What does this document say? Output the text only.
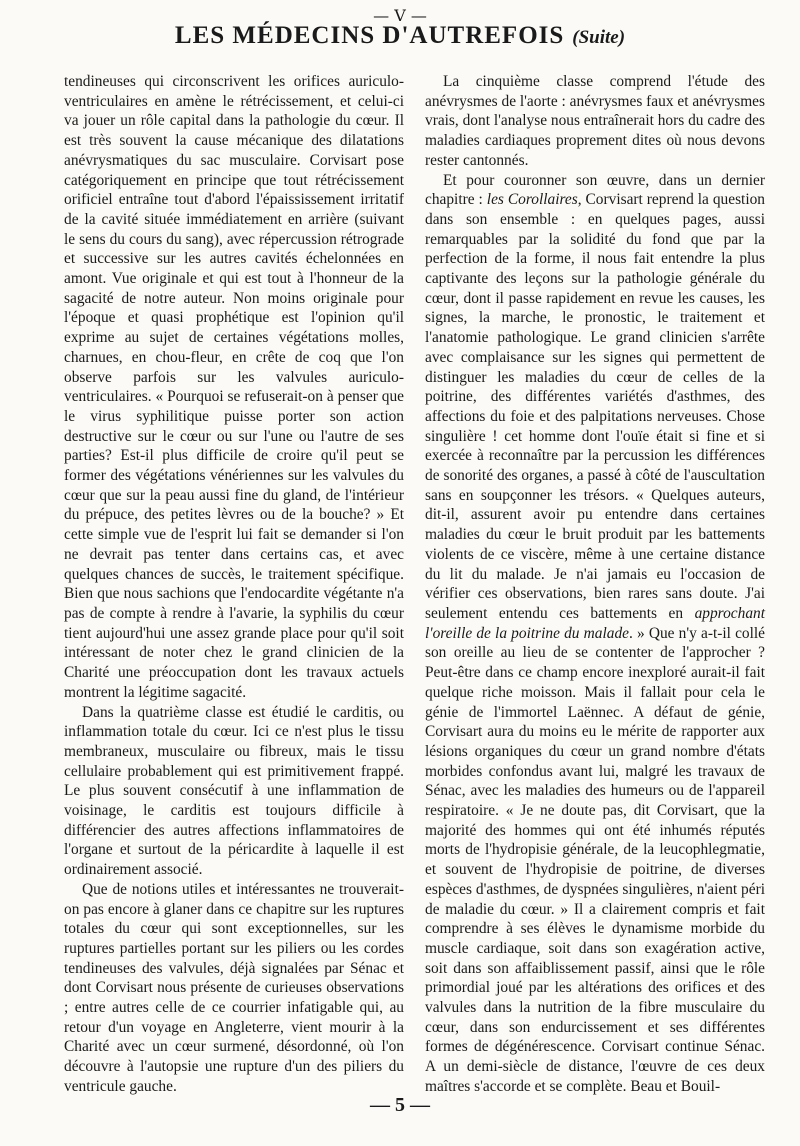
— V —
LES MÉDECINS D'AUTREFOIS (Suite)

tendineuses qui circonscrivent les orifices auriculo-ventriculaires en amène le rétrécissement, et celui-ci va jouer un rôle capital dans la pathologie du cœur. Il est très souvent la cause mécanique des dilatations anévrysmatiques du sac musculaire. Corvisart pose catégoriquement en principe que tout rétrécissement orificiel entraîne tout d'abord l'épaississement irritatif de la cavité située immédiatement en arrière (suivant le sens du cours du sang), avec répercussion rétrograde et successive sur les autres cavités échelonnées en amont. Vue originale et qui est tout à l'honneur de la sagacité de notre auteur. Non moins originale pour l'époque et quasi prophétique est l'opinion qu'il exprime au sujet de certaines végétations molles, charnues, en chou-fleur, en crête de coq que l'on observe parfois sur les valvules auriculo-ventriculaires. « Pourquoi se refuserait-on à penser que le virus syphilitique puisse porter son action destructive sur le cœur ou sur l'une ou l'autre de ses parties? Est-il plus difficile de croire qu'il peut se former des végétations vénériennes sur les valvules du cœur que sur la peau aussi fine du gland, de l'intérieur du prépuce, des petites lèvres ou de la bouche? » Et cette simple vue de l'esprit lui fait se demander si l'on ne devrait pas tenter dans certains cas, et avec quelques chances de succès, le traitement spécifique. Bien que nous sachions que l'endocardite végétante n'a pas de compte à rendre à l'avarie, la syphilis du cœur tient aujourd'hui une assez grande place pour qu'il soit intéressant de noter chez le grand clinicien de la Charité une préoccupation dont les travaux actuels montrent la légitime sagacité.

Dans la quatrième classe est étudié le carditis, ou inflammation totale du cœur. Ici ce n'est plus le tissu membraneux, musculaire ou fibreux, mais le tissu cellulaire probablement qui est primitivement frappé. Le plus souvent consécutif à une inflammation de voisinage, le carditis est toujours difficile à différencier des autres affections inflammatoires de l'organe et surtout de la péricardite à laquelle il est ordinairement associé.

Que de notions utiles et intéressantes ne trouverait-on pas encore à glaner dans ce chapitre sur les ruptures totales du cœur qui sont exceptionnelles, sur les ruptures partielles portant sur les piliers ou les cordes tendineuses des valvules, déjà signalées par Sénac et dont Corvisart nous présente de curieuses observations ; entre autres celle de ce courrier infatigable qui, au retour d'un voyage en Angleterre, vient mourir à la Charité avec un cœur surmené, désordonné, où l'on découvre à l'autopsie une rupture d'un des piliers du ventricule gauche.

La cinquième classe comprend l'étude des anévrysmes de l'aorte : anévrysmes faux et anévrysmes vrais, dont l'analyse nous entraînerait hors du cadre des maladies cardiaques proprement dites où nous devons rester cantonnés.

Et pour couronner son œuvre, dans un dernier chapitre : les Corollaires, Corvisart reprend la question dans son ensemble : en quelques pages, aussi remarquables par la solidité du fond que par la perfection de la forme, il nous fait entendre la plus captivante des leçons sur la pathologie générale du cœur, dont il passe rapidement en revue les causes, les signes, la marche, le pronostic, le traitement et l'anatomie pathologique. Le grand clinicien s'arrête avec complaisance sur les signes qui permettent de distinguer les maladies du cœur de celles de la poitrine, des différentes variétés d'asthmes, des affections du foie et des palpitations nerveuses. Chose singulière ! cet homme dont l'ouïe était si fine et si exercée à reconnaître par la percussion les différences de sonorité des organes, a passé à côté de l'auscultation sans en soupçonner les trésors. « Quelques auteurs, dit-il, assurent avoir pu entendre dans certaines maladies du cœur le bruit produit par les battements violents de ce viscère, même à une certaine distance du lit du malade. Je n'ai jamais eu l'occasion de vérifier ces observations, bien rares sans doute. J'ai seulement entendu ces battements en approchant l'oreille de la poitrine du malade. » Que n'y a-t-il collé son oreille au lieu de se contenter de l'approcher ? Peut-être dans ce champ encore inexploré aurait-il fait quelque riche moisson. Mais il fallait pour cela le génie de l'immortel Laënnec. A défaut de génie, Corvisart aura du moins eu le mérite de rapporter aux lésions organiques du cœur un grand nombre d'états morbides confondus avant lui, malgré les travaux de Sénac, avec les maladies des humeurs ou de l'appareil respiratoire. « Je ne doute pas, dit Corvisart, que la majorité des hommes qui ont été inhumés réputés morts de l'hydropisie générale, de la leucophlegmatie, et souvent de l'hydropisie de poitrine, de diverses espèces d'asthmes, de dyspnées singulières, n'aient péri de maladie du cœur. » Il a clairement compris et fait comprendre à ses élèves le dynamisme morbide du muscle cardiaque, soit dans son exagération active, soit dans son affaiblissement passif, ainsi que le rôle primordial joué par les altérations des orifices et des valvules dans la nutrition de la fibre musculaire du cœur, dans son endurcissement et ses différentes formes de dégénérescence. Corvisart continue Sénac. A un demi-siècle de distance, l'œuvre de ces deux maîtres s'accorde et se complète. Beau et Bouil-

— 5 —
